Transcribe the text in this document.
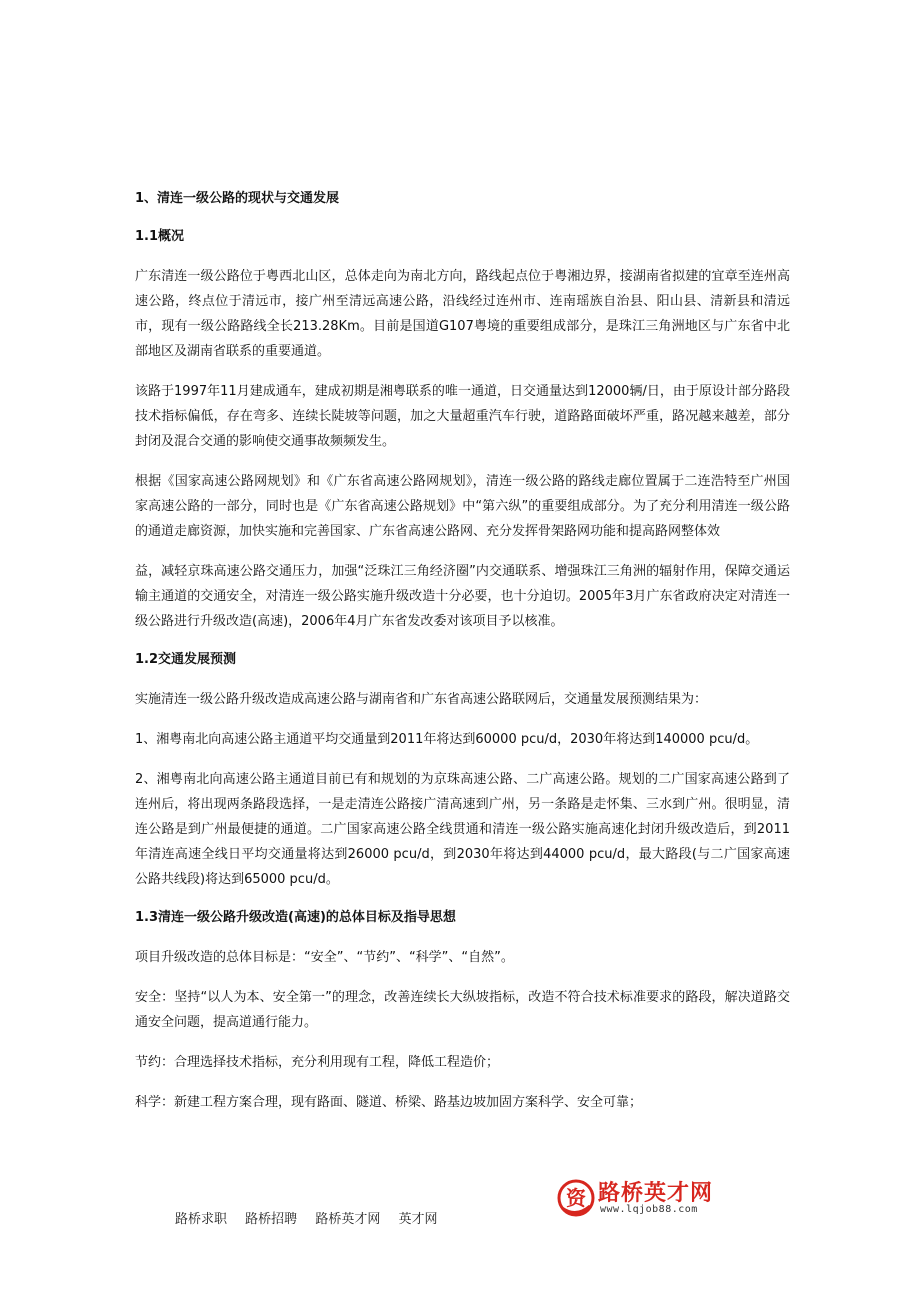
1、清连一级公路的现状与交通发展
1.1概况
广东清连一级公路位于粤西北山区，总体走向为南北方向，路线起点位于粤湘边界，接湖南省拟建的宜章至连州高速公路，终点位于清远市，接广州至清远高速公路，沿线经过连州市、连南瑶族自治县、阳山县、清新县和清远市，现有一级公路路线全长213.28Km。目前是国道G107粤境的重要组成部分，是珠江三角洲地区与广东省中北部地区及湖南省联系的重要通道。
该路于1997年11月建成通车，建成初期是湘粤联系的唯一通道，日交通量达到12000辆/日，由于原设计部分路段技术指标偏低，存在弯多、连续长陡坡等问题，加之大量超重汽车行驶，道路路面破坏严重，路况越来越差，部分封闭及混合交通的影响使交通事故频频发生。
根据《国家高速公路网规划》和《广东省高速公路网规划》，清连一级公路的路线走廊位置属于二连浩特至广州国家高速公路的一部分，同时也是《广东省高速公路规划》中“第六纵”的重要组成部分。为了充分利用清连一级公路的通道走廊资源，加快实施和完善国家、广东省高速公路网、充分发挥骨架路网功能和提高路网整体效
益，减轻京珠高速公路交通压力，加强“泛珠江三角经济圈”内交通联系、增强珠江三角洲的辐射作用，保障交通运输主通道的交通安全，对清连一级公路实施升级改造十分必要，也十分迫切。2005年3月广东省政府决定对清连一级公路进行升级改造(高速)，2006年4月广东省发改委对该项目予以核准。
1.2交通发展预测
实施清连一级公路升级改造成高速公路与湖南省和广东省高速公路联网后，交通量发展预测结果为：
1、湘粤南北向高速公路主通道平均交通量到2011年将达到60000 pcu/d，2030年将达到140000 pcu/d。
2、湘粤南北向高速公路主通道目前已有和规划的为京珠高速公路、二广高速公路。规划的二广国家高速公路到了连州后，将出现两条路段选择，一是走清连公路接广清高速到广州，另一条路是走怀集、三水到广州。很明显，清连公路是到广州最便捷的通道。二广国家高速公路全线贯通和清连一级公路实施高速化封闭升级改造后，到2011年清连高速全线日平均交通量将达到26000 pcu/d，到2030年将达到44000 pcu/d，最大路段(与二广国家高速公路共线段)将达到65000 pcu/d。
1.3清连一级公路升级改造(高速)的总体目标及指导思想
项目升级改造的总体目标是：“安全”、“节约”、“科学”、“自然”。
安全：坚持“以人为本、安全第一”的理念，改善连续长大纵坡指标，改造不符合技术标准要求的路段，解决道路交通安全问题，提高道通行能力。
节约：合理选择技术指标，充分利用现有工程，降低工程造价；
科学：新建工程方案合理，现有路面、隧道、桥梁、路基边坡加固方案科学、安全可靠；
路桥求职 路桥招聘 路桥英才网 英才网
资 路桥英才网
www.lqjob88.com
